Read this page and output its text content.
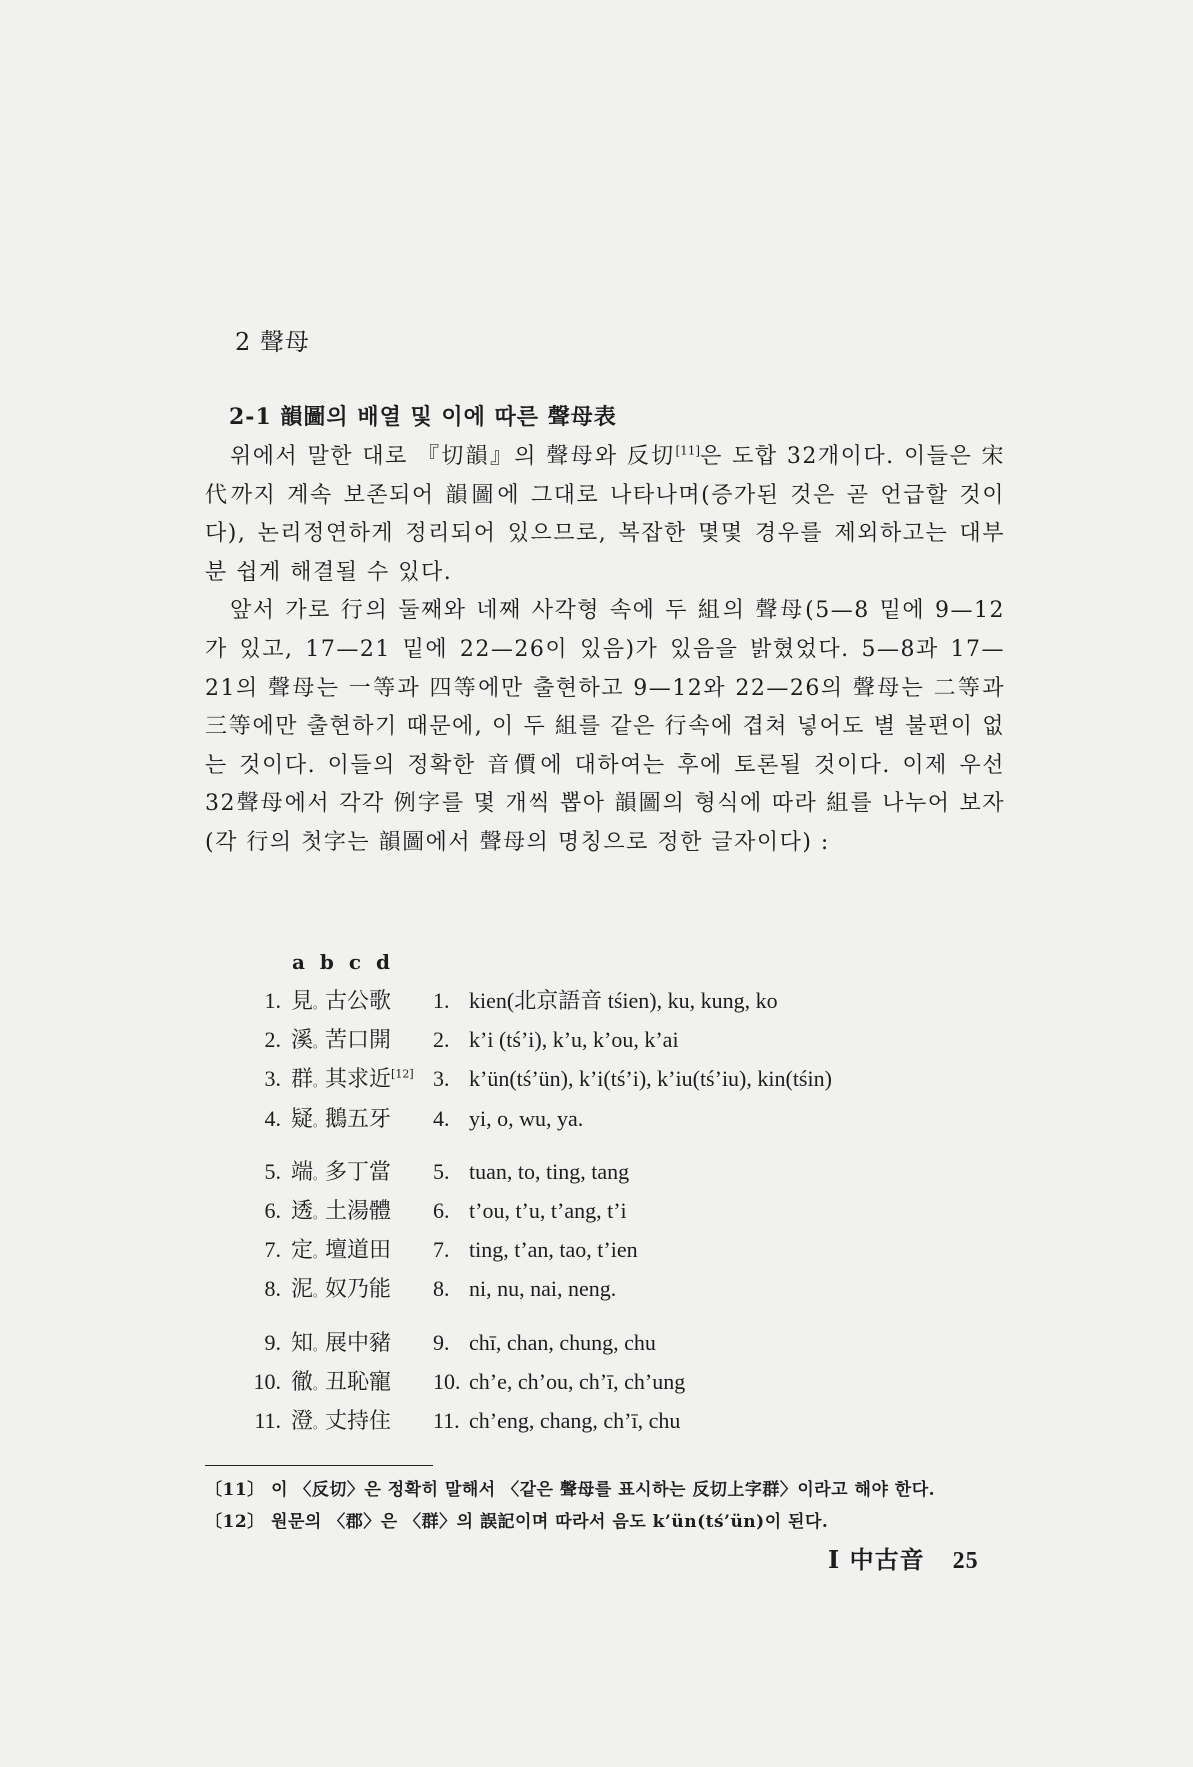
2 聲母
2-1 韻圖의 배열 및 이에 따른 聲母表

위에서 말한 대로 『切韻』의 聲母와 反切[11]은 도합 32개이다. 이들은 宋代까지 계속 보존되어 韻圖에 그대로 나타나며(증가된 것은 곧 언급할 것이다), 논리정연하게 정리되어 있으므로, 복잡한 몇몇 경우를 제외하고는 대부분 쉽게 해결될 수 있다.

앞서 가로 行의 둘째와 네째 사각형 속에 두 組의 聲母(5—8 밑에 9—12가 있고, 17—21 밑에 22—26이 있음)가 있음을 밝혔었다. 5—8과 17—21의 聲母는 一等과 四等에만 출현하고 9—12와 22—26의 聲母는 二等과 三等에만 출현하기 때문에, 이 두 組를 같은 行속에 겹쳐 넣어도 별 불편이 없는 것이다. 이들의 정확한 音價에 대하여는 후에 토론될 것이다. 이제 우선 32聲母에서 각각 例字를 몇 개씩 뽑아 韻圖의 형식에 따라 組를 나누어 보자(각 行의 첫字는 韻圖에서 聲母의 명칭으로 정한 글자이다) :

a b c d
1. 見。古公歌	1. kien(北京語音 tśien), ku, kung, ko
2. 溪。苦口開	2. k’i (tś’i), k’u, k’ou, k’ai
3. 群。其求近[12] 3. k’ün(tś’ün), k’i(tś’i), k’iu(tś’iu), kin(tśin)
4. 疑。鵝五牙	4. yi, o, wu, ya.
5. 端。多丁當	5. tuan, to, ting, tang
6. 透。土湯體	6. t’ou, t’u, t’ang, t’i
7. 定。壇道田	7. ting, t’an, tao, t’ien
8. 泥。奴乃能	8. ni, nu, nai, neng.
9. 知。展中豬	9. chī, chan, chung, chu
10. 徹。丑恥寵	10. ch’e, ch’ou, ch’ī, ch’ung
11. 澄。丈持住	11. ch’eng, chang, ch’ī, chu

〔11〕 이 〈反切〉은 정확히 말해서 〈같은 聲母를 표시하는 反切上字群〉이라고 해야 한다.

〔12〕 원문의 〈郡〉은 〈群〉의 誤記이며 따라서 음도 k’ün(tś’ün)이 된다.

I 中古音 25
